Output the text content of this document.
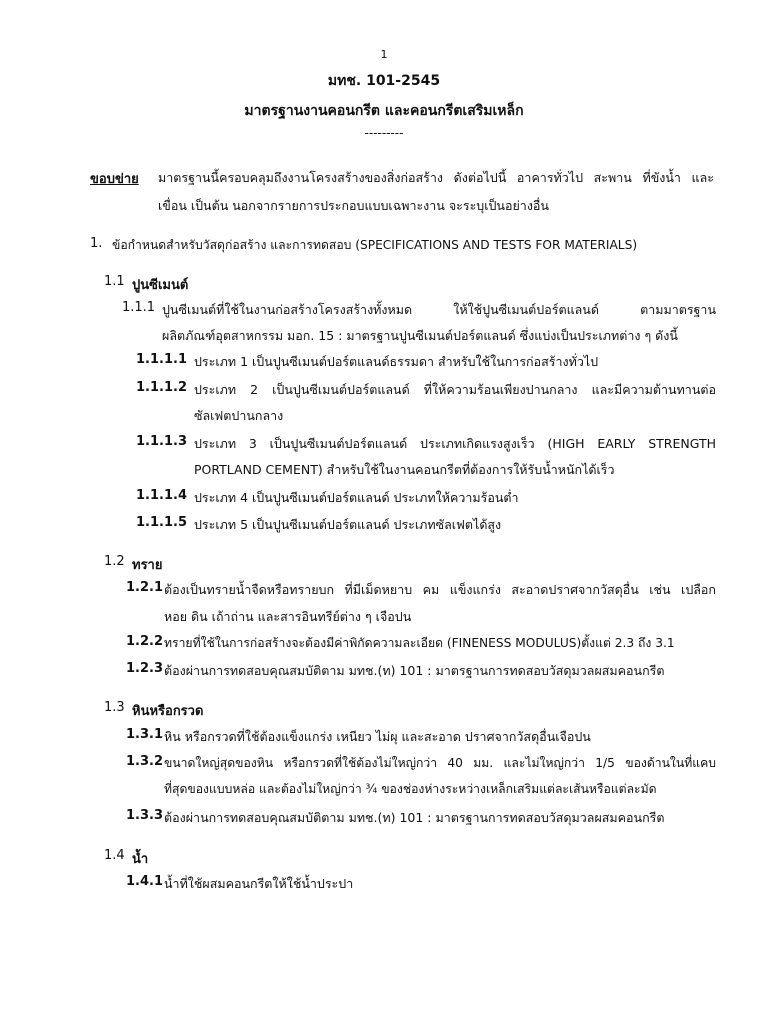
1
มทช. 101-2545
มาตรฐานงานคอนกรีต และคอนกรีตเสริมเหล็ก
---------
ขอบข่าย มาตรฐานนี้ครอบคลุมถึงงานโครงสร้างของสิ่งก่อสร้าง ดังต่อไปนี้ อาคารทั่วไป สะพาน ที่ขังน้ำ และ
เขื่อน เป็นต้น นอกจากรายการประกอบแบบเฉพาะงาน จะระบุเป็นอย่างอื่น
1. ข้อกำหนดสำหรับวัสดุก่อสร้าง และการทดสอบ (SPECIFICATIONS AND TESTS FOR MATERIALS)
1.1 ปูนซีเมนต์
1.1.1 ปูนซีเมนต์ที่ใช้ในงานก่อสร้างโครงสร้างทั้งหมด ให้ใช้ปูนซีเมนต์ปอร์ตแลนด์ ตามมาตรฐาน
ผลิตภัณฑ์อุตสาหกรรม มอก. 15 : มาตรฐานปูนซีเมนต์ปอร์ตแลนด์ ซึ่งแบ่งเป็นประเภทต่าง ๆ ดังนี้
1.1.1.1 ประเภท 1 เป็นปูนซีเมนต์ปอร์ตแลนด์ธรรมดา สำหรับใช้ในการก่อสร้างทั่วไป
1.1.1.2 ประเภท 2 เป็นปูนซีเมนต์ปอร์ตแลนด์ ที่ให้ความร้อนเพียงปานกลาง และมีความต้านทานต่อ
ซัลเฟตปานกลาง
1.1.1.3 ประเภท 3 เป็นปูนซีเมนต์ปอร์ตแลนด์ ประเภทเกิดแรงสูงเร็ว (HIGH EARLY STRENGTH
PORTLAND CEMENT) สำหรับใช้ในงานคอนกรีตที่ต้องการให้รับน้ำหนักได้เร็ว
1.1.1.4 ประเภท 4 เป็นปูนซีเมนต์ปอร์ตแลนด์ ประเภทให้ความร้อนต่ำ
1.1.1.5 ประเภท 5 เป็นปูนซีเมนต์ปอร์ตแลนด์ ประเภทซัลเฟตได้สูง
1.2 ทราย
1.2.1 ต้องเป็นทรายน้ำจืดหรือทรายบก ที่มีเม็ดหยาบ คม แข็งแกร่ง สะอาดปราศจากวัสดุอื่น เช่น เปลือก
หอย ดิน เถ้าถ่าน และสารอินทรีย์ต่าง ๆ เจือปน
1.2.2 ทรายที่ใช้ในการก่อสร้างจะต้องมีค่าพิกัดความละเอียด (FINENESS MODULUS)ตั้งแต่ 2.3 ถึง 3.1
1.2.3 ต้องผ่านการทดสอบคุณสมบัติตาม มทช.(ท) 101 : มาตรฐานการทดสอบวัสดุมวลผสมคอนกรีต
1.3 หินหรือกรวด
1.3.1 หิน หรือกรวดที่ใช้ต้องแข็งแกร่ง เหนียว ไม่ผุ และสะอาด ปราศจากวัสดุอื่นเจือปน
1.3.2 ขนาดใหญ่สุดของหิน หรือกรวดที่ใช้ต้องไม่ใหญ่กว่า 40 มม. และไม่ใหญ่กว่า 1/5 ของด้านในที่แคบ
ที่สุดของแบบหล่อ และต้องไม่ใหญ่กว่า ¾ ของช่องห่างระหว่างเหล็กเสริมแต่ละเส้นหรือแต่ละมัด
1.3.3 ต้องผ่านการทดสอบคุณสมบัติตาม มทช.(ท) 101 : มาตรฐานการทดสอบวัสดุมวลผสมคอนกรีต
1.4 น้ำ
1.4.1 น้ำที่ใช้ผสมคอนกรีตให้ใช้น้ำประปา
